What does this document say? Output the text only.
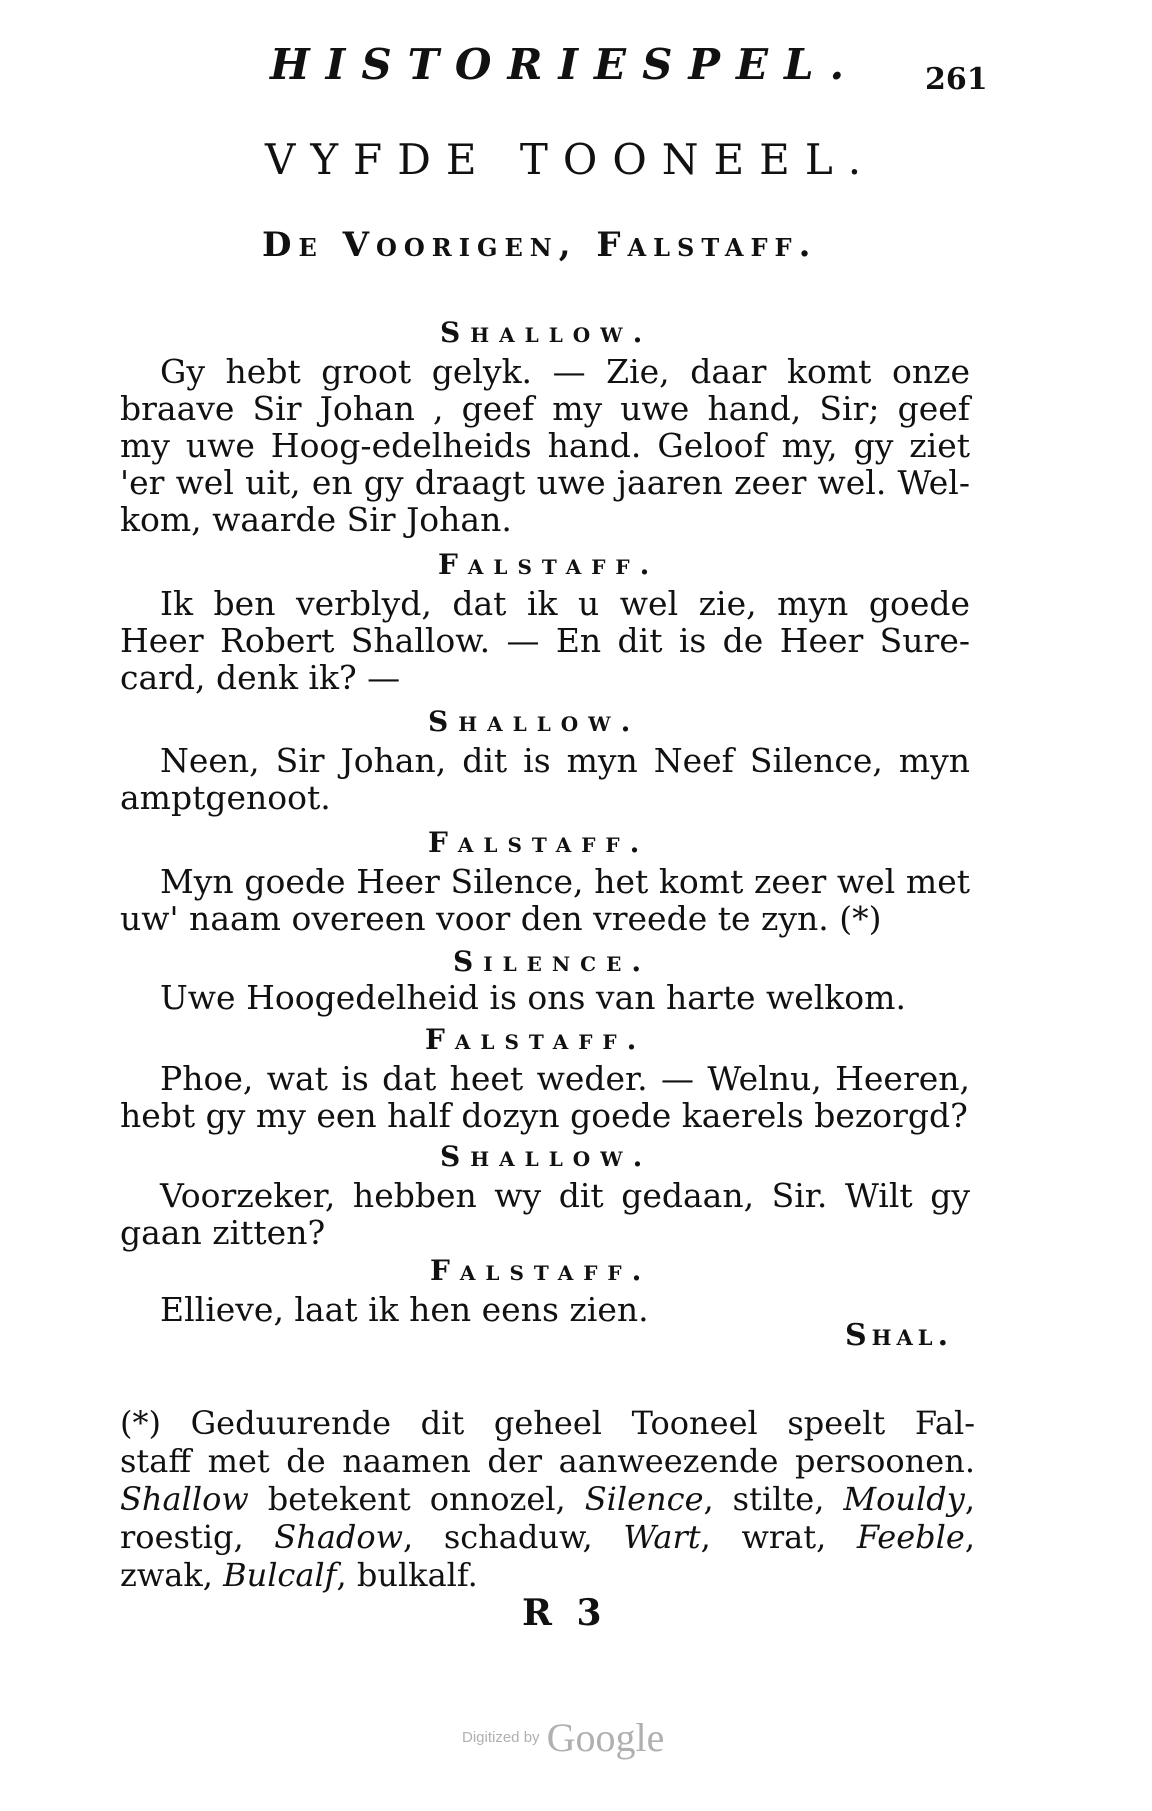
HISTORIESPEL. 261
VYFDE TOONEEL.
De Voorigen, Falstaff.
Shallow.
Gy hebt groot gelyk. — Zie, daar komt onze
braave Sir Johan , geef my uwe hand, Sir; geef
my uwe Hoog-edelheids hand. Geloof my, gy ziet
'er wel uit, en gy draagt uwe jaaren zeer wel. Wel-
kom, waarde Sir Johan.
Falstaff.
Ik ben verblyd, dat ik u wel zie, myn goede
Heer Robert Shallow. — En dit is de Heer Sure-
card, denk ik? —
Shallow.
Neen, Sir Johan, dit is myn Neef Silence, myn
amptgenoot.
Falstaff.
Myn goede Heer Silence, het komt zeer wel met
uw' naam overeen voor den vreede te zyn. (*)
Silence.
Uwe Hoogedelheid is ons van harte welkom.
Falstaff.
Phoe, wat is dat heet weder. — Welnu, Heeren,
hebt gy my een half dozyn goede kaerels bezorgd?
Shallow.
Voorzeker, hebben wy dit gedaan, Sir. Wilt gy
gaan zitten?
Falstaff.
Ellieve, laat ik hen eens zien.
Shal.
(*) Geduurende dit geheel Tooneel speelt Fal-
staff met de naamen der aanweezende persoonen.
Shallow betekent onnozel, Silence, stilte, Mouldy,
roestig, Shadow, schaduw, Wart, wrat, Feeble,
zwak, Bulcalf, bulkalf.
R 3
Digitized by Google
